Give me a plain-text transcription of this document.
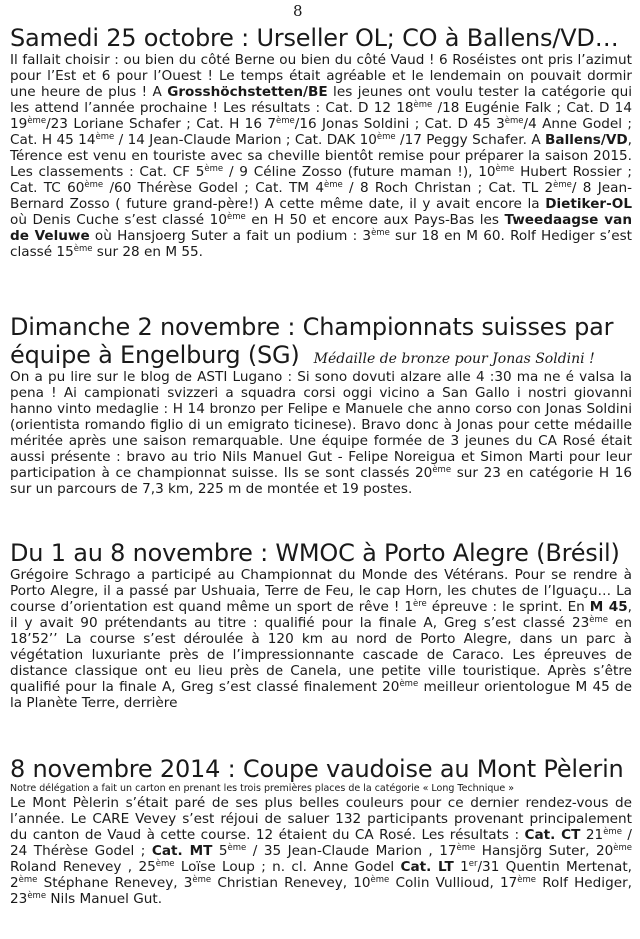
8
Samedi 25 octobre : Urseller OL; CO à Ballens/VD…

Il fallait choisir : ou bien du côté Berne ou bien du côté Vaud ! 6 Roséistes ont pris l’azimut pour l’Est et 6 pour l’Ouest ! Le temps était agréable et le lendemain on pouvait dormir une heure de plus ! A Grosshöchstetten/BE les jeunes ont voulu tester la catégorie qui les attend l’année prochaine ! Les résultats : Cat. D 12 18ème /18 Eugénie Falk ; Cat. D 14 19ème/23 Loriane Schafer ; Cat. H 16 7ème/16 Jonas Soldini ; Cat. D 45 3ème/4 Anne Godel ; Cat. H 45 14ème / 14 Jean-Claude Marion ; Cat. DAK 10ème /17 Peggy Schafer. A Ballens/VD, Térence est venu en touriste avec sa cheville bientôt remise pour préparer la saison 2015. Les classements : Cat. CF 5ème / 9 Céline Zosso (future maman !), 10ème Hubert Rossier ; Cat. TC 60ème /60 Thérèse Godel ; Cat. TM 4ème / 8 Roch Christan ; Cat. TL 2ème/ 8 Jean-Bernard Zosso ( future grand-père!) A cette même date, il y avait encore la Dietiker-OL où Denis Cuche s’est classé 10ème en H 50 et encore aux Pays-Bas les Tweedaagse van de Veluwe où Hansjoerg Suter a fait un podium : 3ème sur 18 en M 60. Rolf Hediger s’est classé 15ème sur 28 en M 55.

Dimanche 2 novembre : Championnats suisses par
équipe à Engelburg (SG) Médaille de bronze pour Jonas Soldini !

On a pu lire sur le blog de ASTI Lugano : Si sono dovuti alzare alle 4 :30 ma ne é valsa la pena ! Ai campionati svizzeri a squadra corsi oggi vicino a San Gallo i nostri giovanni hanno vinto medaglie : H 14 bronzo per Felipe e Manuele che anno corso con Jonas Soldini (orientista romando figlio di un emigrato ticinese). Bravo donc à Jonas pour cette médaille méritée après une saison remarquable. Une équipe formée de 3 jeunes du CA Rosé était aussi présente : bravo au trio Nils Manuel Gut - Felipe Noreigua et Simon Marti pour leur participation à ce championnat suisse. Ils se sont classés 20ème sur 23 en catégorie H 16 sur un parcours de 7,3 km, 225 m de montée et 19 postes.

Du 1 au 8 novembre : WMOC à Porto Alegre (Brésil)

Grégoire Schrago a participé au Championnat du Monde des Vétérans. Pour se rendre à Porto Alegre, il a passé par Ushuaia, Terre de Feu, le cap Horn, les chutes de l’Iguaçu… La course d’orientation est quand même un sport de rêve ! 1ère épreuve : le sprint. En M 45, il y avait 90 prétendants au titre : qualifié pour la finale A, Greg s’est classé 23ème en 18’52’’ La course s’est déroulée à 120 km au nord de Porto Alegre, dans un parc à végétation luxuriante près de l’impressionnante cascade de Caraco. Les épreuves de distance classique ont eu lieu près de Canela, une petite ville touristique. Après s’être qualifié pour la finale A, Greg s’est classé finalement 20ème meilleur orientologue M 45 de la Planète Terre, derrière

8 novembre 2014 : Coupe vaudoise au Mont Pèlerin

Notre délégation a fait un carton en prenant les trois premières places de la catégorie « Long Technique »

Le Mont Pèlerin s’était paré de ses plus belles couleurs pour ce dernier rendez-vous de l’année. Le CARE Vevey s’est réjoui de saluer 132 participants provenant principalement du canton de Vaud à cette course. 12 étaient du CA Rosé. Les résultats : Cat. CT 21ème / 24 Thérèse Godel ; Cat. MT 5ème / 35 Jean-Claude Marion , 17ème Hansjörg Suter, 20ème Roland Renevey , 25ème Loïse Loup ; n. cl. Anne Godel Cat. LT 1er/31 Quentin Mertenat, 2ème Stéphane Renevey, 3ème Christian Renevey, 10ème Colin Vullioud, 17ème Rolf Hediger, 23ème Nils Manuel Gut.
